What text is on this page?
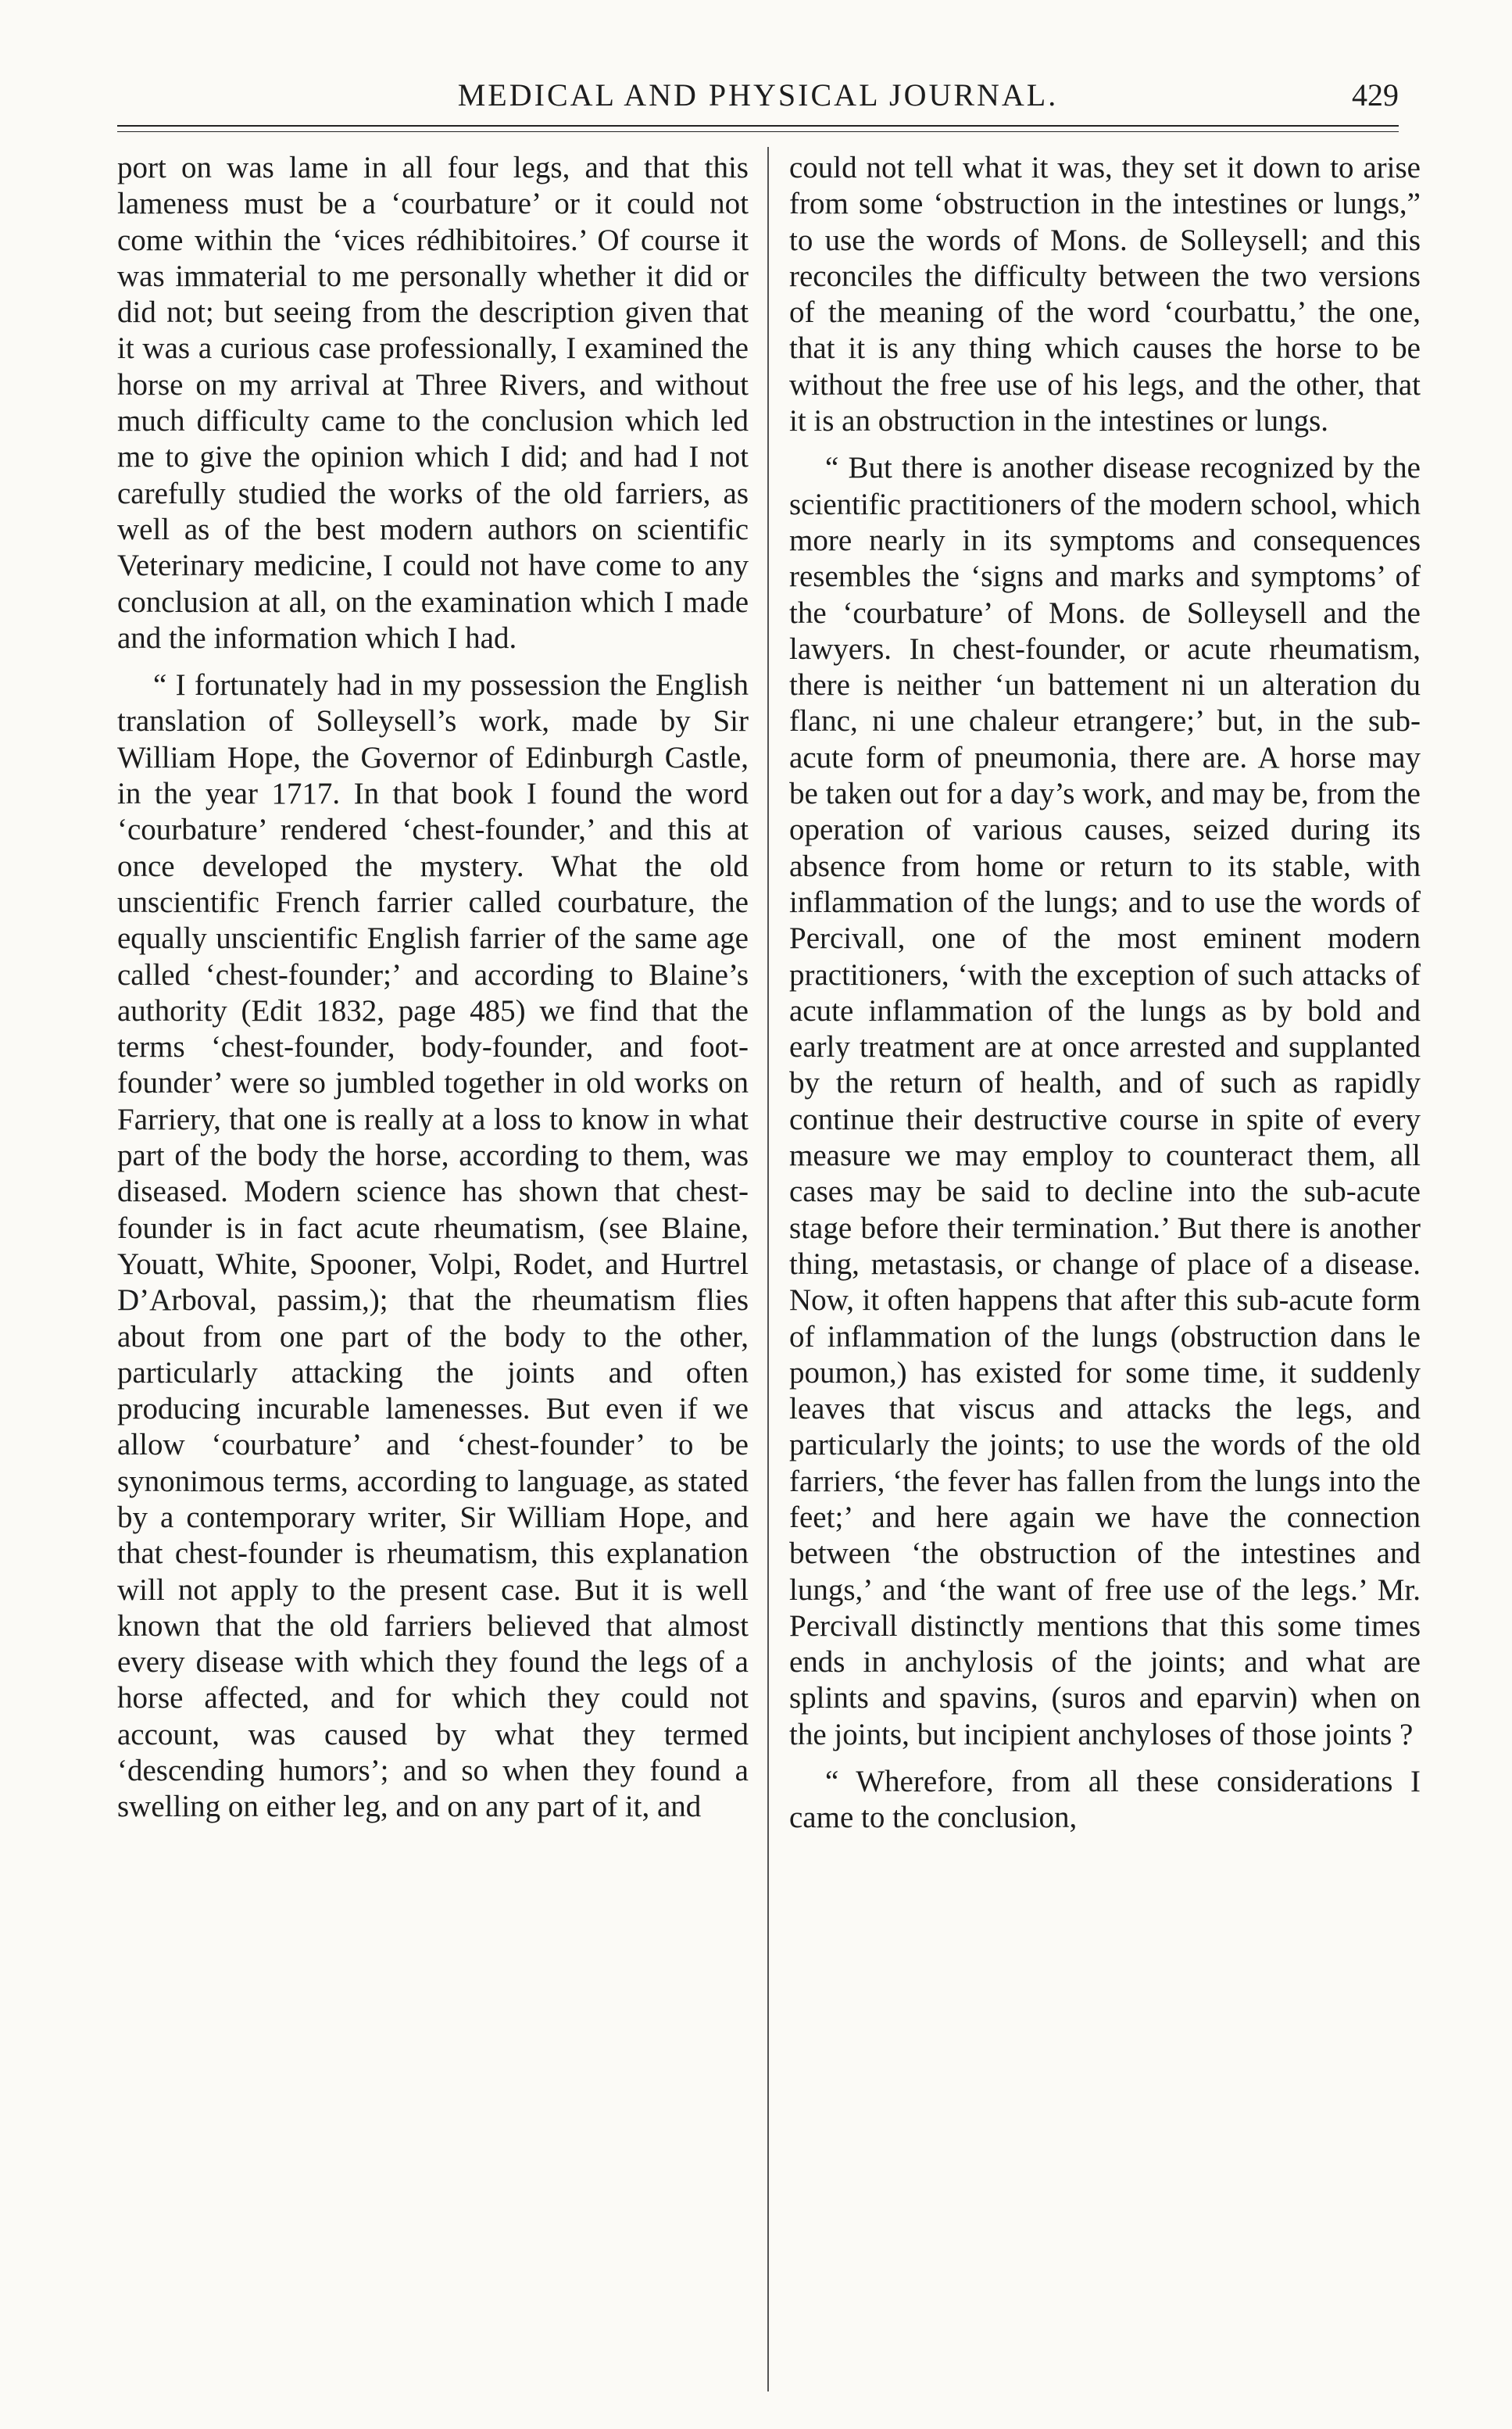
MEDICAL AND PHYSICAL JOURNAL.	429

port on was lame in all four legs, and that this lameness must be a ‘courbature’ or it could not come within the ‘vices rédhibitoires.’ Of course it was immaterial to me personally whether it did or did not; but seeing from the description given that it was a curious case professionally, I examined the horse on my arrival at Three Rivers, and without much difficulty came to the conclusion which led me to give the opinion which I did; and had I not carefully studied the works of the old farriers, as well as of the best modern authors on scientific Veterinary medicine, I could not have come to any conclusion at all, on the examination which I made and the information which I had.

“ I fortunately had in my possession the English translation of Solleysell’s work, made by Sir William Hope, the Governor of Edinburgh Castle, in the year 1717. In that book I found the word ‘courbature’ rendered ‘chest-founder,’ and this at once developed the mystery. What the old unscientific French farrier called courbature, the equally unscientific English farrier of the same age called ‘chest-founder;’ and according to Blaine’s authority (Edit 1832, page 485) we find that the terms ‘chest-founder, body-founder, and foot-founder’ were so jumbled together in old works on Farriery, that one is really at a loss to know in what part of the body the horse, according to them, was diseased. Modern science has shown that chest-founder is in fact acute rheumatism, (see Blaine, Youatt, White, Spooner, Volpi, Rodet, and Hurtrel D’Arboval, passim,); that the rheumatism flies about from one part of the body to the other, particularly attacking the joints and often producing incurable lamenesses. But even if we allow ‘courbature’ and ‘chest-founder’ to be synonimous terms, according to language, as stated by a contemporary writer, Sir William Hope, and that chest-founder is rheumatism, this explanation will not apply to the present case. But it is well known that the old farriers believed that almost every disease with which they found the legs of a horse affected, and for which they could not account, was caused by what they termed ‘descending humors’; and so when they found a swelling on either leg, and on any part of it, and

could not tell what it was, they set it down to arise from some ‘obstruction in the intestines or lungs,” to use the words of Mons. de Solleysell; and this reconciles the difficulty between the two versions of the meaning of the word ‘courbattu,’ the one, that it is any thing which causes the horse to be without the free use of his legs, and the other, that it is an obstruction in the intestines or lungs.

“ But there is another disease recognized by the scientific practitioners of the modern school, which more nearly in its symptoms and consequences resembles the ‘signs and marks and symptoms’ of the ‘courbature’ of Mons. de Solleysell and the lawyers. In chest-founder, or acute rheumatism, there is neither ‘un battement ni un alteration du flanc, ni une chaleur etrangere;’ but, in the sub-acute form of pneumonia, there are. A horse may be taken out for a day’s work, and may be, from the operation of various causes, seized during its absence from home or return to its stable, with inflammation of the lungs; and to use the words of Percivall, one of the most eminent modern practitioners, ‘with the exception of such attacks of acute inflammation of the lungs as by bold and early treatment are at once arrested and supplanted by the return of health, and of such as rapidly continue their destructive course in spite of every measure we may employ to counteract them, all cases may be said to decline into the sub-acute stage before their termination.’ But there is another thing, metastasis, or change of place of a disease. Now, it often happens that after this sub-acute form of inflammation of the lungs (obstruction dans le poumon,) has existed for some time, it suddenly leaves that viscus and attacks the legs, and particularly the joints; to use the words of the old farriers, ‘the fever has fallen from the lungs into the feet;’ and here again we have the connection between ‘the obstruction of the intestines and lungs,’ and ‘the want of free use of the legs.’ Mr. Percivall distinctly mentions that this some times ends in anchylosis of the joints; and what are splints and spavins, (suros and eparvin) when on the joints, but incipient anchyloses of those joints ?

“ Wherefore, from all these considerations I came to the conclusion,
